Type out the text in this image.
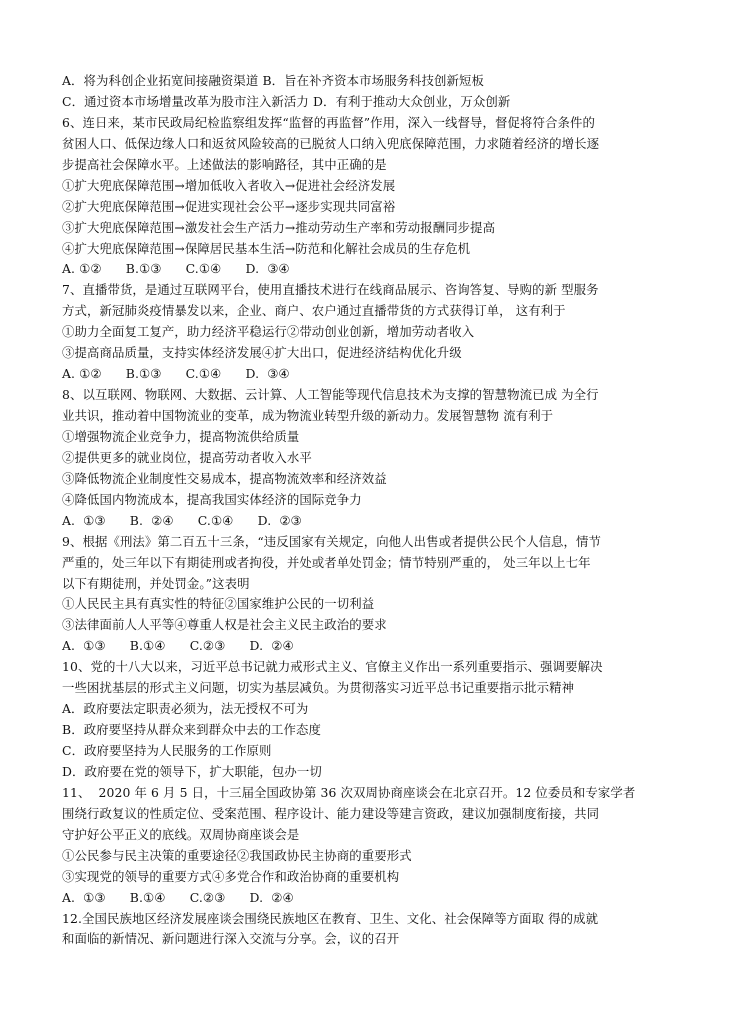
A．将为科创企业拓宽间接融资渠道 B．旨在补齐资本市场服务科技创新短板
C．通过资本市场增量改革为股市注入新活力 D．有利于推动大众创业，万众创新
6、连日来，某市民政局纪检监察组发挥“监督的再监督”作用，深入一线督导，督促将符合条件的
贫困人口、低保边缘人口和返贫风险较高的已脱贫人口纳入兜底保障范围，力求随着经济的增长逐
步提高社会保障水平。上述做法的影响路径，其中正确的是
①扩大兜底保障范围→增加低收入者收入→促进社会经济发展
②扩大兜底保障范围→促进实现社会公平→逐步实现共同富裕
③扩大兜底保障范围→激发社会生产活力→推动劳动生产率和劳动报酬同步提高
④扩大兜底保障范围→保障居民基本生活→防范和化解社会成员的生存危机
A. ①②      B.①③      C.①④      D.  ③④
7、直播带货，是通过互联网平台，使用直播技术进行在线商品展示、咨询答复、导购的新 型服务
方式，新冠肺炎疫情暴发以来，企业、商户、农户通过直播带货的方式获得订单， 这有利于
①助力全面复工复产，助力经济平稳运行②带动创业创新，增加劳动者收入
③提高商品质量，支持实体经济发展④扩大出口，促进经济结构优化升级
A. ①②      B.①③      C.①④      D.  ③④
8、以互联网、物联网、大数据、云计算、人工智能等现代信息技术为支撑的智慧物流已成 为全行
业共识，推动着中国物流业的变革，成为物流业转型升级的新动力。发展智慧物 流有利于
①增强物流企业竞争力，提高物流供给质量
②提供更多的就业岗位，提高劳动者收入水平
③降低物流企业制度性交易成本，提高物流效率和经济效益
④降低国内物流成本，提高我国实体经济的国际竞争力
A.  ①③      B.  ②④      C.①④      D.  ②③
9、根据《刑法》第二百五十三条，“违反国家有关规定，向他人出售或者提供公民个人信息，情节
严重的，处三年以下有期徒刑或者拘役，并处或者单处罚金；情节特别严重的， 处三年以上七年
以下有期徒刑，并处罚金。”这表明
①人民民主具有真实性的特征②国家维护公民的一切利益
③法律面前人人平等④尊重人权是社会主义民主政治的要求
A.  ①③      B.①④      C.②③      D.  ②④
10、党的十八大以来，习近平总书记就力戒形式主义、官僚主义作出一系列重要指示、强调要解决
一些困扰基层的形式主义问题，切实为基层减负。为贯彻落实习近平总书记重要指示批示精神
A．政府要法定职责必须为，法无授权不可为
B．政府要坚持从群众来到群众中去的工作态度
C．政府要坚持为人民服务的工作原则
D．政府要在党的领导下，扩大职能，包办一切
11、  2020 年 6 月 5 日，十三届全国政协第 36 次双周协商座谈会在北京召开。12 位委员和专家学者
围绕行政复议的性质定位、受案范围、程序设计、能力建设等建言资政，建议加强制度衔接，共同
守护好公平正义的底线。双周协商座谈会是
①公民参与民主决策的重要途径②我国政协民主协商的重要形式
③实现党的领导的重要方式④多党合作和政治协商的重要机构
A.  ①③      B.①④      C.②③      D.  ②④
12.全国民族地区经济发展座谈会围绕民族地区在教育、卫生、文化、社会保障等方面取 得的成就
和面临的新情况、新问题进行深入交流与分享。会，议的召开
